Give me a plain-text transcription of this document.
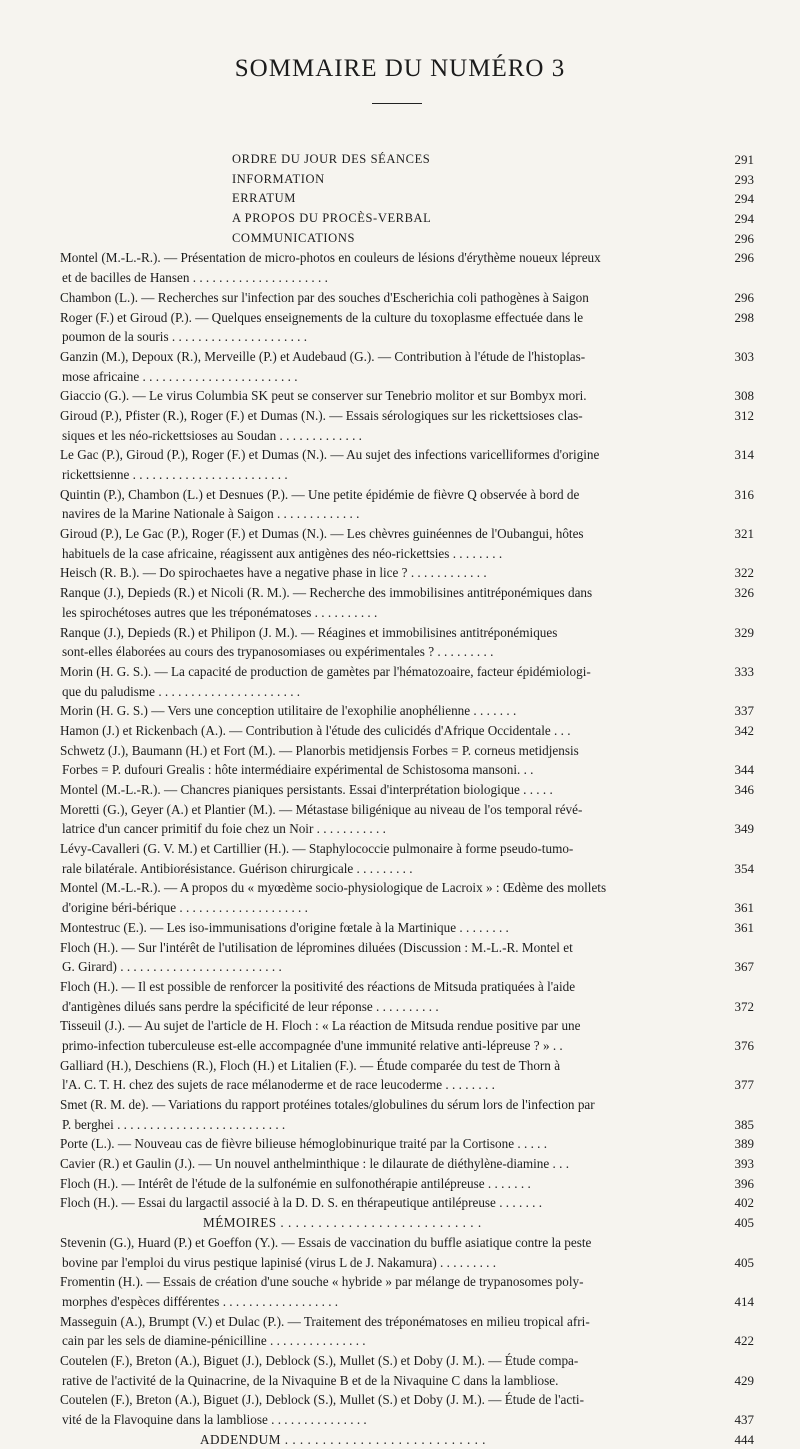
SOMMAIRE DU NUMÉRO 3
ORDRE DU JOUR DES SÉANCES	291
INFORMATION	293
ERRATUM	294
A PROPOS DU PROCÈS-VERBAL	294
COMMUNICATIONS	296
Montel (M.-L.-R.). — Présentation de micro-photos en couleurs de lésions d'érythème noueux lépreux	296
et de bacilles de Hansen . . . . . . . . . . . . . . . . . . . . .
Chambon (L.). — Recherches sur l'infection par des souches d'Escherichia coli pathogènes à Saigon	296
Roger (F.) et Giroud (P.). — Quelques enseignements de la culture du toxoplasme effectuée dans le	298
poumon de la souris . . . . . . . . . . . . . . . . . . . . .
Ganzin (M.), Depoux (R.), Merveille (P.) et Audebaud (G.). — Contribution à l'étude de l'histoplas-	303
mose africaine . . . . . . . . . . . . . . . . . . . . . . . .
Giaccio (G.). — Le virus Columbia SK peut se conserver sur Tenebrio molitor et sur Bombyx mori.	308
Giroud (P.), Pfister (R.), Roger (F.) et Dumas (N.). — Essais sérologiques sur les rickettsioses clas-	312
siques et les néo-rickettsioses au Soudan . . . . . . . . . . . . .
Le Gac (P.), Giroud (P.), Roger (F.) et Dumas (N.). — Au sujet des infections varicelliformes d'origine	314
rickettsienne . . . . . . . . . . . . . . . . . . . . . . . .
Quintin (P.), Chambon (L.) et Desnues (P.). — Une petite épidémie de fièvre Q observée à bord de	316
navires de la Marine Nationale à Saigon . . . . . . . . . . . . .
Giroud (P.), Le Gac (P.), Roger (F.) et Dumas (N.). — Les chèvres guinéennes de l'Oubangui, hôtes	321
habituels de la case africaine, réagissent aux antigènes des néo-rickettsies . . . . . . . .
Heisch (R. B.). — Do spirochaetes have a negative phase in lice ? . . . . . . . . . . . .	322
Ranque (J.), Depieds (R.) et Nicoli (R. M.). — Recherche des immobilisines antitréponémiques dans	326
les spirochétoses autres que les tréponématoses . . . . . . . . . .
Ranque (J.), Depieds (R.) et Philipon (J. M.). — Réagines et immobilisines antitréponémiques	329
sont-elles élaborées au cours des trypanosomiases ou expérimentales ? . . . . . . . . .
Morin (H. G. S.). — La capacité de production de gamètes par l'hématozoaire, facteur épidémiologi-	333
que du paludisme . . . . . . . . . . . . . . . . . . . . . .
Morin (H. G. S.) — Vers une conception utilitaire de l'exophilie anophélienne . . . . . . .	337
Hamon (J.) et Rickenbach (A.). — Contribution à l'étude des culicidés d'Afrique Occidentale . . .	342
Schwetz (J.), Baumann (H.) et Fort (M.). — Planorbis metidjensis Forbes = P. corneus metidjensis
Forbes = P. dufouri Grealis : hôte intermédiaire expérimental de Schistosoma mansoni. . .	344
Montel (M.-L.-R.). — Chancres pianiques persistants. Essai d'interprétation biologique . . . . .	346
Moretti (G.), Geyer (A.) et Plantier (M.). — Métastase biligénique au niveau de l'os temporal révé-
latrice d'un cancer primitif du foie chez un Noir . . . . . . . . . . .	349
Lévy-Cavalleri (G. V. M.) et Cartillier (H.). — Staphylococcie pulmonaire à forme pseudo-tumo-
rale bilatérale. Antibiorésistance. Guérison chirurgicale . . . . . . . . .	354
Montel (M.-L.-R.). — A propos du « myœdème socio-physiologique de Lacroix » : Œdème des mollets
d'origine béri-bérique . . . . . . . . . . . . . . . . . . . .	361
Montestruc (E.). — Les iso-immunisations d'origine fœtale à la Martinique . . . . . . . .	361
Floch (H.). — Sur l'intérêt de l'utilisation de lépromines diluées (Discussion : M.-L.-R. Montel et
G. Girard) . . . . . . . . . . . . . . . . . . . . . . . . .	367
Floch (H.). — Il est possible de renforcer la positivité des réactions de Mitsuda pratiquées à l'aide
d'antigènes dilués sans perdre la spécificité de leur réponse . . . . . . . . . .	372
Tisseuil (J.). — Au sujet de l'article de H. Floch : « La réaction de Mitsuda rendue positive par une
primo-infection tuberculeuse est-elle accompagnée d'une immunité relative anti-lépreuse ? » . .	376
Galliard (H.), Deschiens (R.), Floch (H.) et Litalien (F.). — Étude comparée du test de Thorn à
l'A. C. T. H. chez des sujets de race mélanoderme et de race leucoderme . . . . . . . .	377
Smet (R. M. de). — Variations du rapport protéines totales/globulines du sérum lors de l'infection par
P. berghei . . . . . . . . . . . . . . . . . . . . . . . . . .	385
Porte (L.). — Nouveau cas de fièvre bilieuse hémoglobinurique traité par la Cortisone . . . . .	389
Cavier (R.) et Gaulin (J.). — Un nouvel anthelminthique : le dilaurate de diéthylène-diamine . . .	393
Floch (H.). — Intérêt de l'étude de la sulfonémie en sulfonothérapie antilépreuse . . . . . . .	396
Floch (H.). — Essai du largactil associé à la D. D. S. en thérapeutique antilépreuse . . . . . . .	402
MÉMOIRES . . . . . . . . . . . . . . . . . . . . . . . . . . .	405
Stevenin (G.), Huard (P.) et Goeffon (Y.). — Essais de vaccination du buffle asiatique contre la peste
bovine par l'emploi du virus pestique lapinisé (virus L de J. Nakamura) . . . . . . . . .	405
Fromentin (H.). — Essais de création d'une souche « hybride » par mélange de trypanosomes poly-
morphes d'espèces différentes . . . . . . . . . . . . . . . . . .	414
Masseguin (A.), Brumpt (V.) et Dulac (P.). — Traitement des tréponématoses en milieu tropical afri-
cain par les sels de diamine-pénicilline . . . . . . . . . . . . . . .	422
Coutelen (F.), Breton (A.), Biguet (J.), Deblock (S.), Mullet (S.) et Doby (J. M.). — Étude compa-
rative de l'activité de la Quinacrine, de la Nivaquine B et de la Nivaquine C dans la lambliose.	429
Coutelen (F.), Breton (A.), Biguet (J.), Deblock (S.), Mullet (S.) et Doby (J. M.). — Étude de l'acti-
vité de la Flavoquine dans la lambliose . . . . . . . . . . . . . . .	437
ADDENDUM . . . . . . . . . . . . . . . . . . . . . . . . . . .	444
